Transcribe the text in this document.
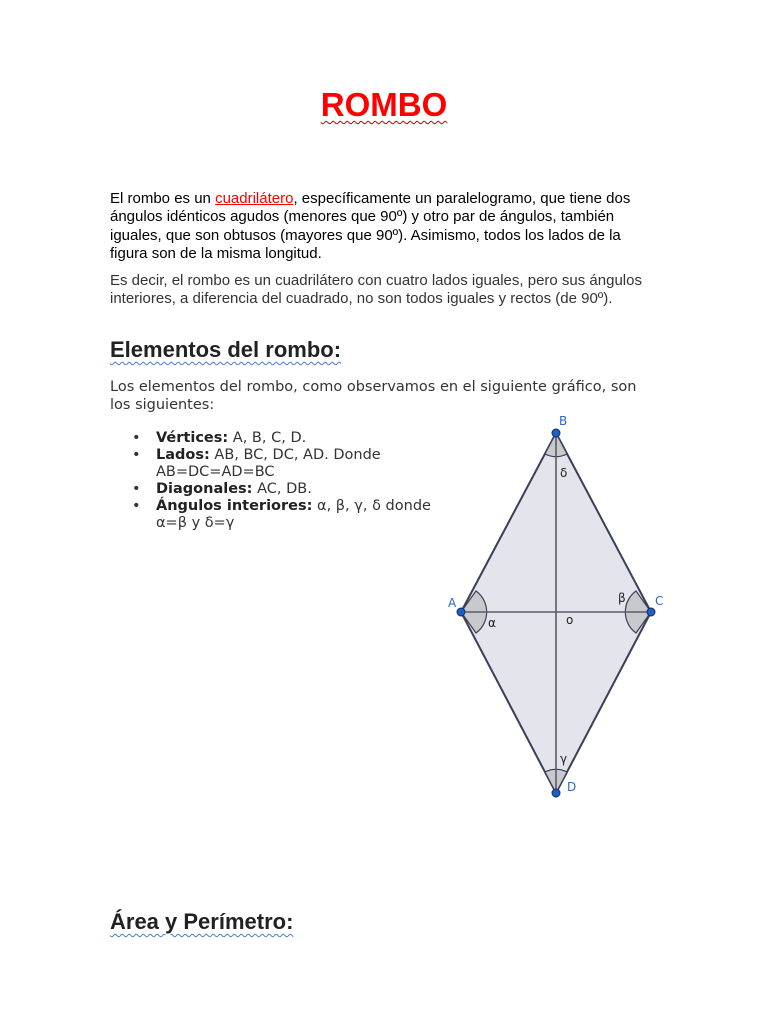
ROMBO

El rombo es un cuadrilátero, específicamente un paralelogramo, que tiene dos ángulos idénticos agudos (menores que 90º) y otro par de ángulos, también iguales, que son obtusos (mayores que 90º). Asimismo, todos los lados de la figura son de la misma longitud.

Es decir, el rombo es un cuadrilátero con cuatro lados iguales, pero sus ángulos interiores, a diferencia del cuadrado, no son todos iguales y rectos (de 90º).

Elementos del rombo:

Los elementos del rombo, como observamos en el siguiente gráfico, son los siguientes:

• Vértices: A, B, C, D.
• Lados: AB, BC, DC, AD. Donde AB=DC=AD=BC
• Diagonales: AC, DB.
• Ángulos interiores: α, β, γ, δ donde α=β y δ=γ
B
C
D
A
δ
β
α	o
γ
Área y Perímetro:
